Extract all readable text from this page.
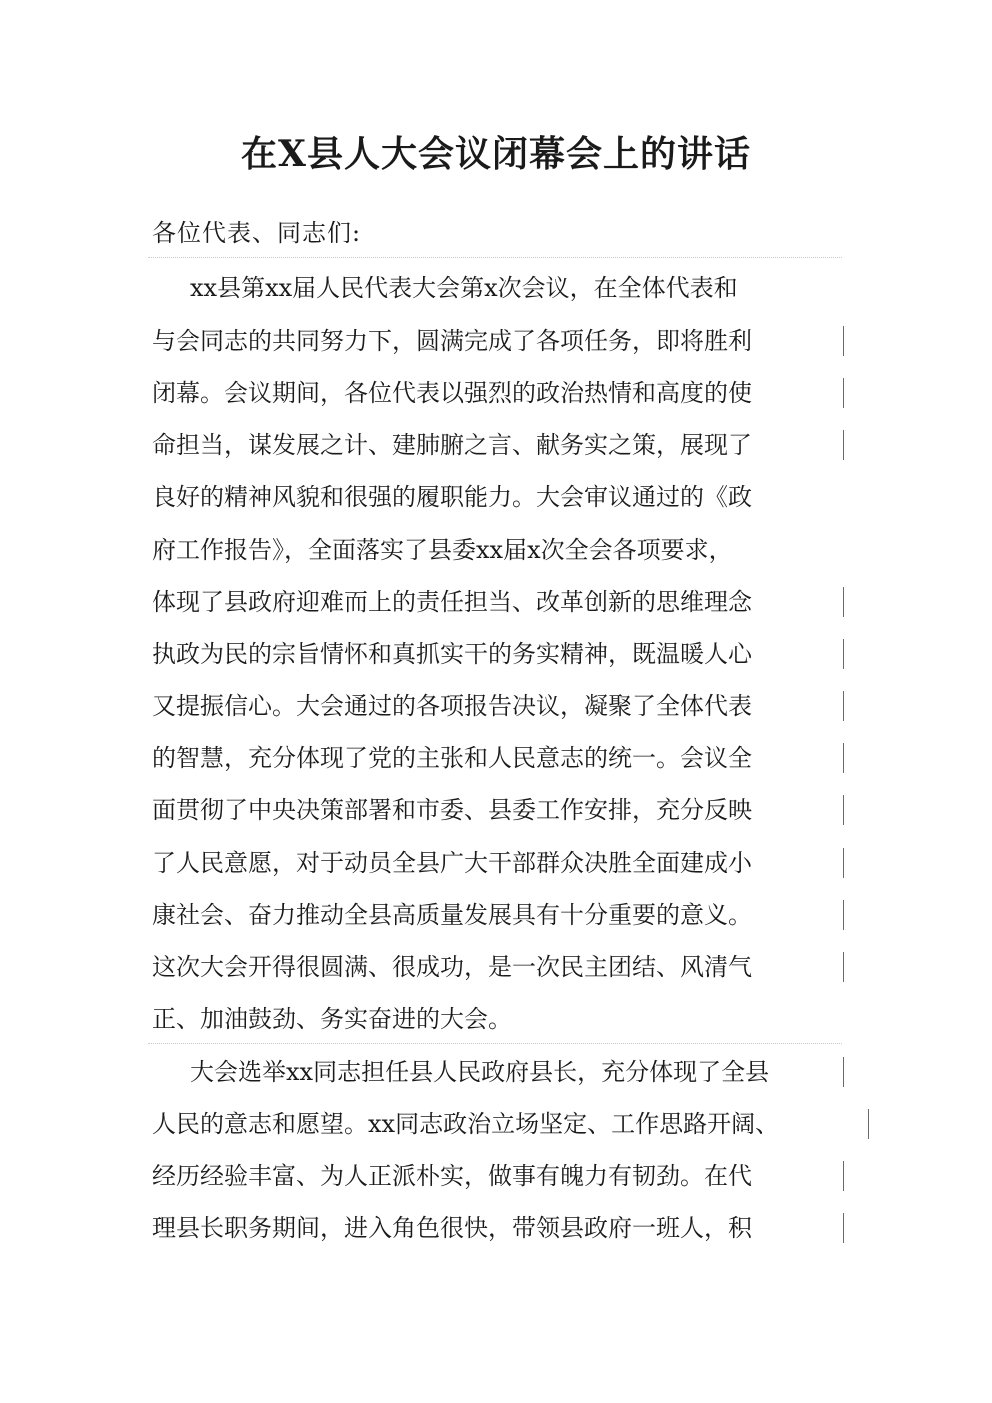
在X县人大会议闭幕会上的讲话

各位代表、同志们:

xx县第xx届人民代表大会第x次会议，在全体代表和

与会同志的共同努力下，圆满完成了各项任务，即将胜利

闭幕。会议期间，各位代表以强烈的政治热情和高度的使

命担当，谋发展之计、建肺腑之言、献务实之策，展现了

良好的精神风貌和很强的履职能力。大会审议通过的《政

府工作报告》，全面落实了县委xx届x次全会各项要求，

体现了县政府迎难而上的责任担当、改革创新的思维理念

执政为民的宗旨情怀和真抓实干的务实精神，既温暖人心

又提振信心。大会通过的各项报告决议，凝聚了全体代表

的智慧，充分体现了党的主张和人民意志的统一。会议全

面贯彻了中央决策部署和市委、县委工作安排，充分反映

了人民意愿，对于动员全县广大干部群众决胜全面建成小

康社会、奋力推动全县高质量发展具有十分重要的意义。

这次大会开得很圆满、很成功，是一次民主团结、风清气

正、加油鼓劲、务实奋进的大会。

大会选举xx同志担任县人民政府县长，充分体现了全县

人民的意志和愿望。xx同志政治立场坚定、工作思路开阔、

经历经验丰富、为人正派朴实，做事有魄力有韧劲。在代

理县长职务期间，进入角色很快，带领县政府一班人，积
